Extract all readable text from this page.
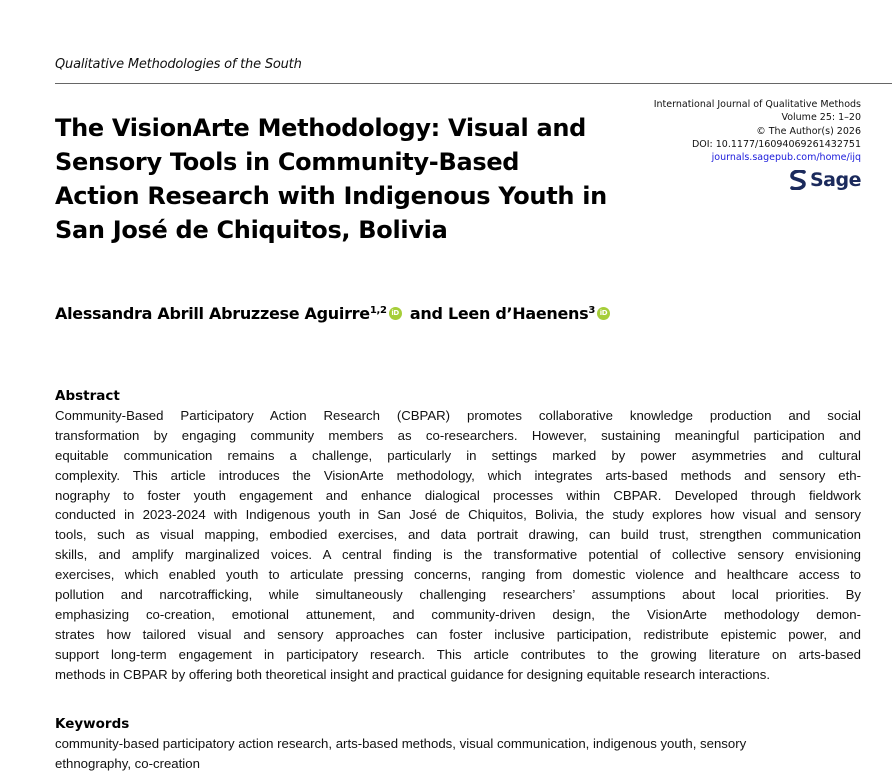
Qualitative Methodologies of the South
The VisionArte Methodology: Visual and
Sensory Tools in Community-Based
Action Research with Indigenous Youth in
San José de Chiquitos, Bolivia
International Journal of Qualitative Methods
Volume 25: 1–20
© The Author(s) 2026
DOI: 10.1177/16094069261432751
journals.sagepub.com/home/ijq
Sage
Alessandra Abrill Abruzzese Aguirre$^{1,2}$ iD and Leen d’Haenens$^3$iD
Abstract
Community-Based Participatory Action Research (CBPAR) promotes collaborative knowledge production and social
transformation by engaging community members as co-researchers. However, sustaining meaningful participation and
equitable communication remains a challenge, particularly in settings marked by power asymmetries and cultural
complexity. This article introduces the VisionArte methodology, which integrates arts-based methods and sensory eth-
nography to foster youth engagement and enhance dialogical processes within CBPAR. Developed through fieldwork
conducted in 2023-2024 with Indigenous youth in San José de Chiquitos, Bolivia, the study explores how visual and sensory
tools, such as visual mapping, embodied exercises, and data portrait drawing, can build trust, strengthen communication
skills, and amplify marginalized voices. A central finding is the transformative potential of collective sensory envisioning
exercises, which enabled youth to articulate pressing concerns, ranging from domestic violence and healthcare access to
pollution and narcotrafficking, while simultaneously challenging researchers’ assumptions about local priorities. By
emphasizing co-creation, emotional attunement, and community-driven design, the VisionArte methodology demon-
strates how tailored visual and sensory approaches can foster inclusive participation, redistribute epistemic power, and
support long-term engagement in participatory research. This article contributes to the growing literature on arts-based
methods in CBPAR by offering both theoretical insight and practical guidance for designing equitable research interactions.
Keywords
community-based participatory action research, arts-based methods, visual communication, indigenous youth, sensory
ethnography, co-creation
